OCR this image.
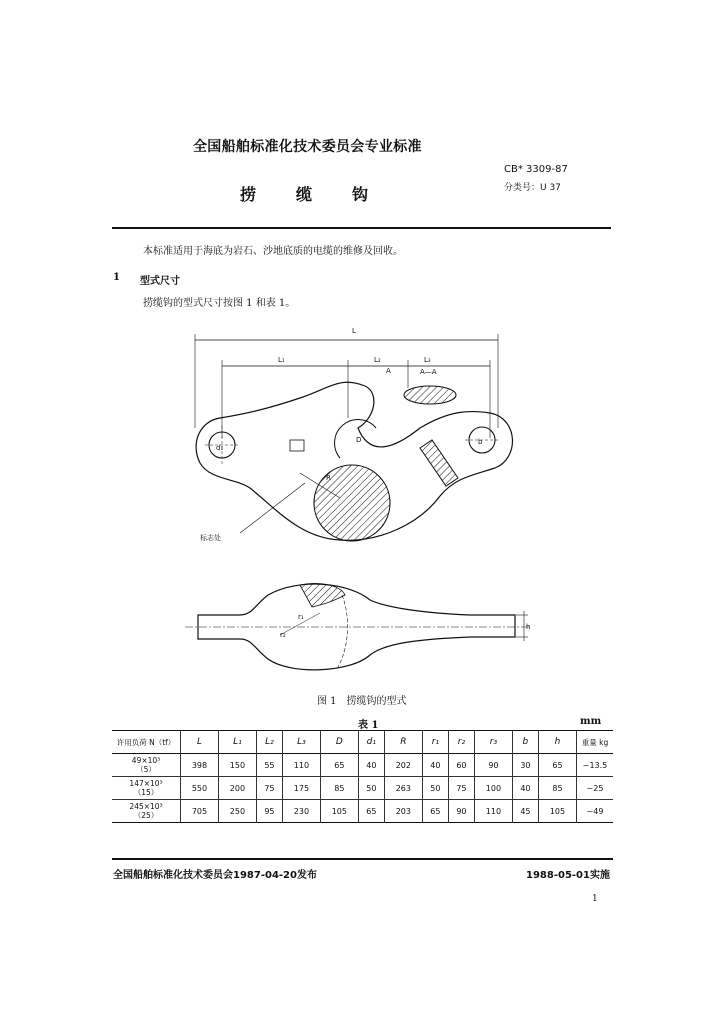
全国船舶标准化技术委员会专业标准
CB* 3309-87
分类号：U 37
捞缆钩
本标准适用于海底为岩石、沙地底质的电缆的维修及回收。
1 型式尺寸
捞缆钩的型式尺寸按图 1 和表 1。
L
L₁	L₂	L₃
d₁
b
D
R
A—A
A
标志处
r₁
r₂
h
图 1　捞缆钩的型式
表 1	mm
许用负荷 N（tf）	L	L₁	L₂	L₃	D	d₁	R	r₁	r₂	r₃	b	h	重量 kg

49×10³
（5）	398	150	55	110	65	40	202	40	60	90	30	65	~13.5

147×10³
（15）	550	200	75	175	85	50	263	50	75	100	40	85	~25

245×10³
（25）	705	250	95	230	105	65	203	65	90	110	45	105	~49
全国船舶标准化技术委员会1987-04-20发布	1988-05-01实施
1
